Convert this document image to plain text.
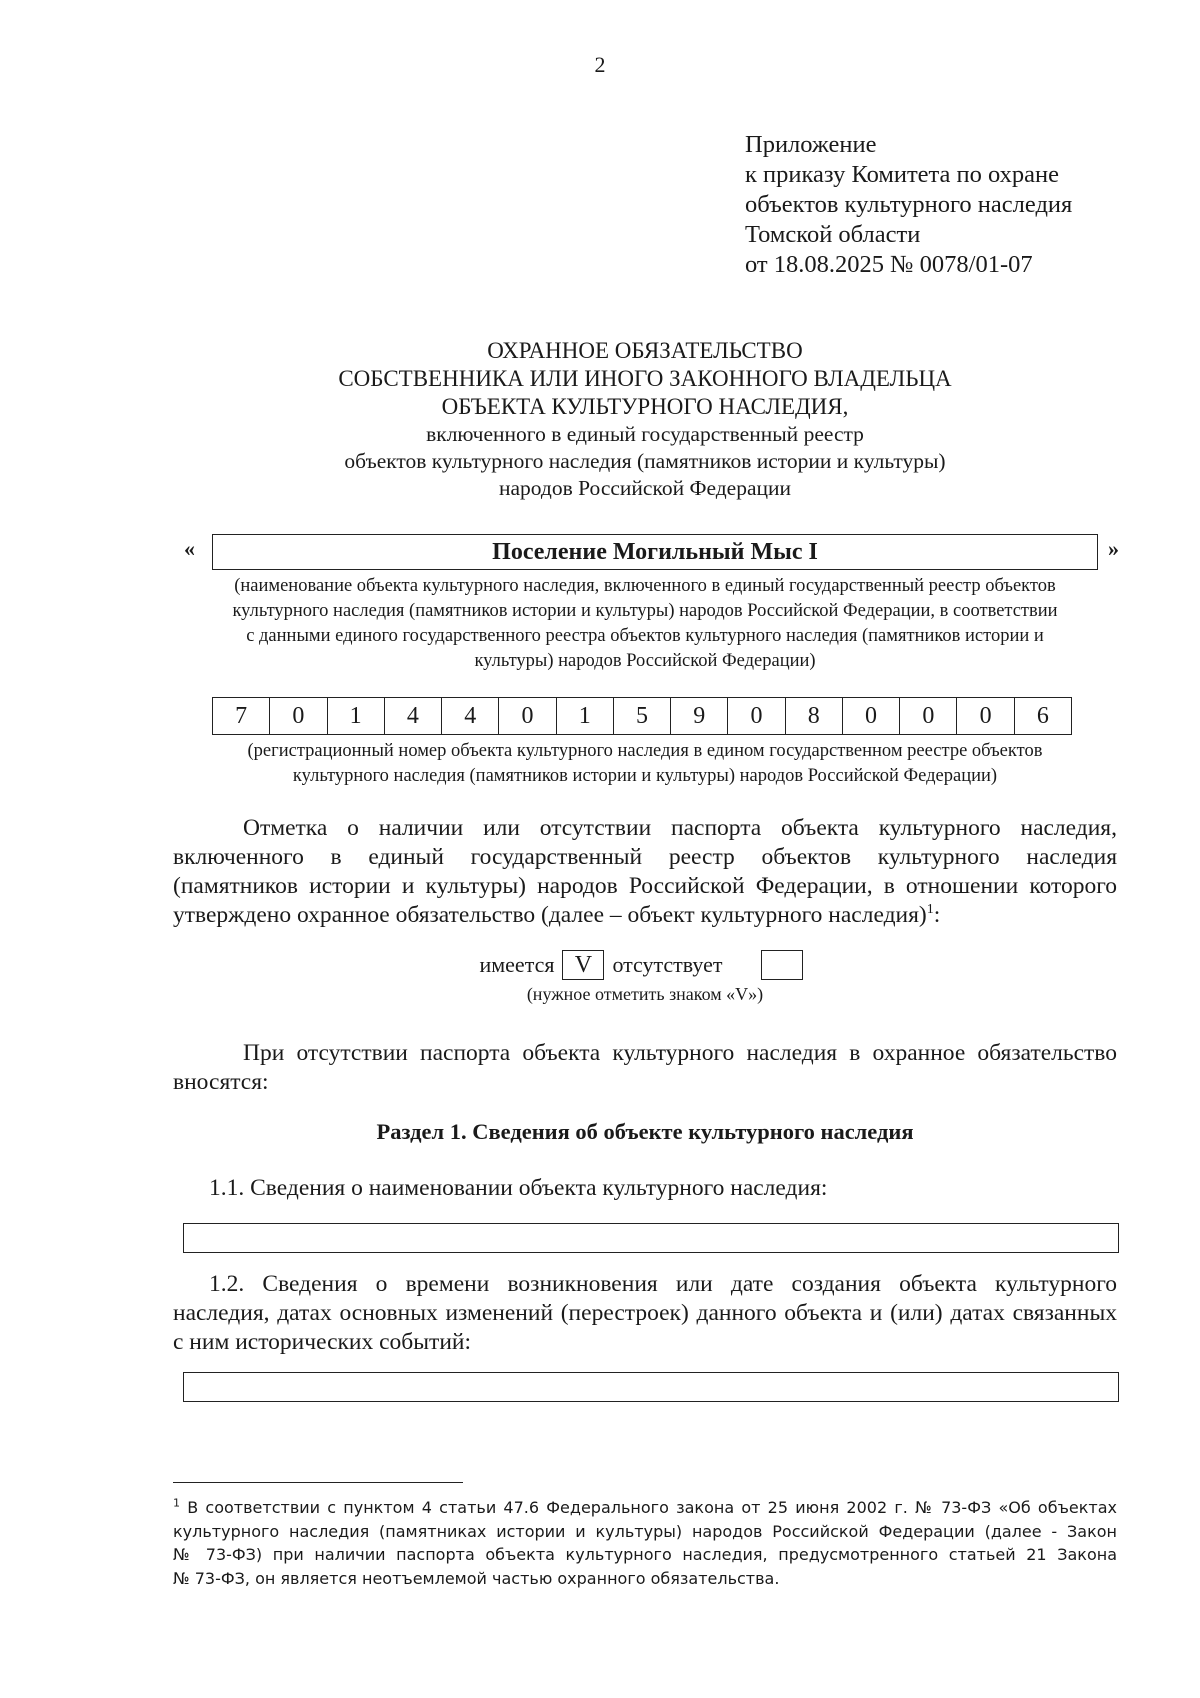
2
Приложение
к приказу Комитета по охране
объектов культурного наследия
Томской области
от 18.08.2025 № 0078/01-07
ОХРАННОЕ ОБЯЗАТЕЛЬСТВО
СОБСТВЕННИКА ИЛИ ИНОГО ЗАКОННОГО ВЛАДЕЛЬЦА
ОБЪЕКТА КУЛЬТУРНОГО НАСЛЕДИЯ,
включенного в единый государственный реестр
объектов культурного наследия (памятников истории и культуры)
народов Российской Федерации
«	Поселение Могильный Мыс I	»
(наименование объекта культурного наследия, включенного в единый государственный реестр объектов
культурного наследия (памятников истории и культуры) народов Российской Федерации, в соответствии
с данными единого государственного реестра объектов культурного наследия (памятников истории и
культуры) народов Российской Федерации)
7	0	1	4	4	0	1	5	9	0	8	0	0	0	6
(регистрационный номер объекта культурного наследия в едином государственном реестре объектов
культурного наследия (памятников истории и культуры) народов Российской Федерации)
Отметка о наличии или отсутствии паспорта объекта культурного наследия,
включенного в единый государственный реестр объектов культурного наследия
(памятников истории и культуры) народов Российской Федерации, в отношении которого
утверждено охранное обязательство (далее – объект культурного наследия)$^1$:
имеется V отсутствует
(нужное отметить знаком «V»)
При отсутствии паспорта объекта культурного наследия в охранное обязательство
вносятся:
Раздел 1. Сведения об объекте культурного наследия
1.1. Сведения о наименовании объекта культурного наследия:
1.2. Сведения о времени возникновения или дате создания объекта культурного
наследия, датах основных изменений (перестроек) данного объекта и (или) датах связанных
с ним исторических событий:
$^1$ В соответствии с пунктом 4 статьи 47.6 Федерального закона от 25 июня 2002 г. № 73-ФЗ «Об объектах
культурного наследия (памятниках истории и культуры) народов Российской Федерации (далее - Закон
№ 73-ФЗ) при наличии паспорта объекта культурного наследия, предусмотренного статьей 21 Закона
№ 73-ФЗ, он является неотъемлемой частью охранного обязательства.
